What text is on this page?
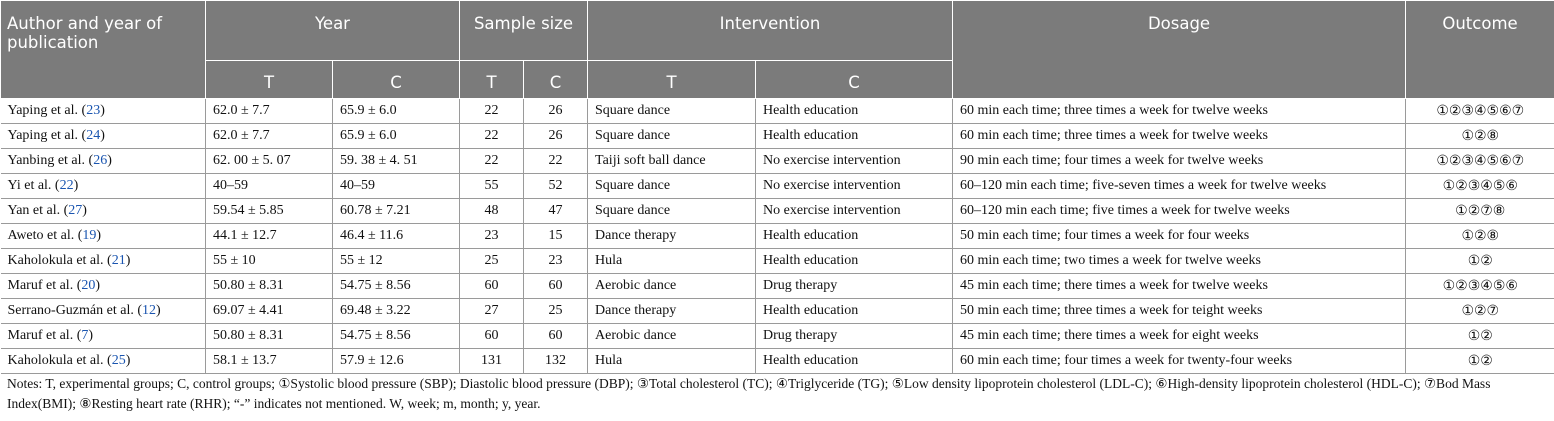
Author and year of publication	Year		Sample size		Intervention		Dosage	Outcome
	T	C	T	C	T	C		
Yaping et al. (23)	62.0 ± 7.7	65.9 ± 6.0	22	26	Square dance	Health education	60 min each time; three times a week for twelve weeks	①②③④⑤⑥⑦
Yaping et al. (24)	62.0 ± 7.7	65.9 ± 6.0	22	26	Square dance	Health education	60 min each time; three times a week for twelve weeks	①②⑧
Yanbing et al. (26)	62. 00 ± 5. 07	59. 38 ± 4. 51	22	22	Taiji soft ball dance	No exercise intervention	90 min each time; four times a week for twelve weeks	①②③④⑤⑥⑦
Yi et al. (22)	40–59	40–59	55	52	Square dance	No exercise intervention	60–120 min each time; five-seven times a week for twelve weeks	①②③④⑤⑥
Yan et al. (27)	59.54 ± 5.85	60.78 ± 7.21	48	47	Square dance	No exercise intervention	60–120 min each time; five times a week for twelve weeks	①②⑦⑧
Aweto et al. (19)	44.1 ± 12.7	46.4 ± 11.6	23	15	Dance therapy	Health education	50 min each time; four times a week for four weeks	①②⑧
Kaholokula et al. (21)	55 ± 10	55 ± 12	25	23	Hula	Health education	60 min each time; two times a week for twelve weeks	①②
Maruf et al. (20)	50.80 ± 8.31	54.75 ± 8.56	60	60	Aerobic dance	Drug therapy	45 min each time; there times a week for twelve weeks	①②③④⑤⑥
Serrano-Guzmán et al. (12)	69.07 ± 4.41	69.48 ± 3.22	27	25	Dance therapy	Health education	50 min each time; three times a week for teight weeks	①②⑦
Maruf et al. (7)	50.80 ± 8.31	54.75 ± 8.56	60	60	Aerobic dance	Drug therapy	45 min each time; there times a week for eight weeks	①②
Kaholokula et al. (25)	58.1 ± 13.7	57.9 ± 12.6	131	132	Hula	Health education	60 min each time; four times a week for twenty-four weeks	①②
Notes: T, experimental groups; C, control groups; ①Systolic blood pressure (SBP); Diastolic blood pressure (DBP); ③Total cholesterol (TC); ④Triglyceride (TG); ⑤Low density lipoprotein cholesterol (LDL-C); ⑥High-density lipoprotein cholesterol (HDL-C); ⑦Bod Mass Index(BMI); ⑧Resting heart rate (RHR); “-” indicates not mentioned. W, week; m, month; y, year.
